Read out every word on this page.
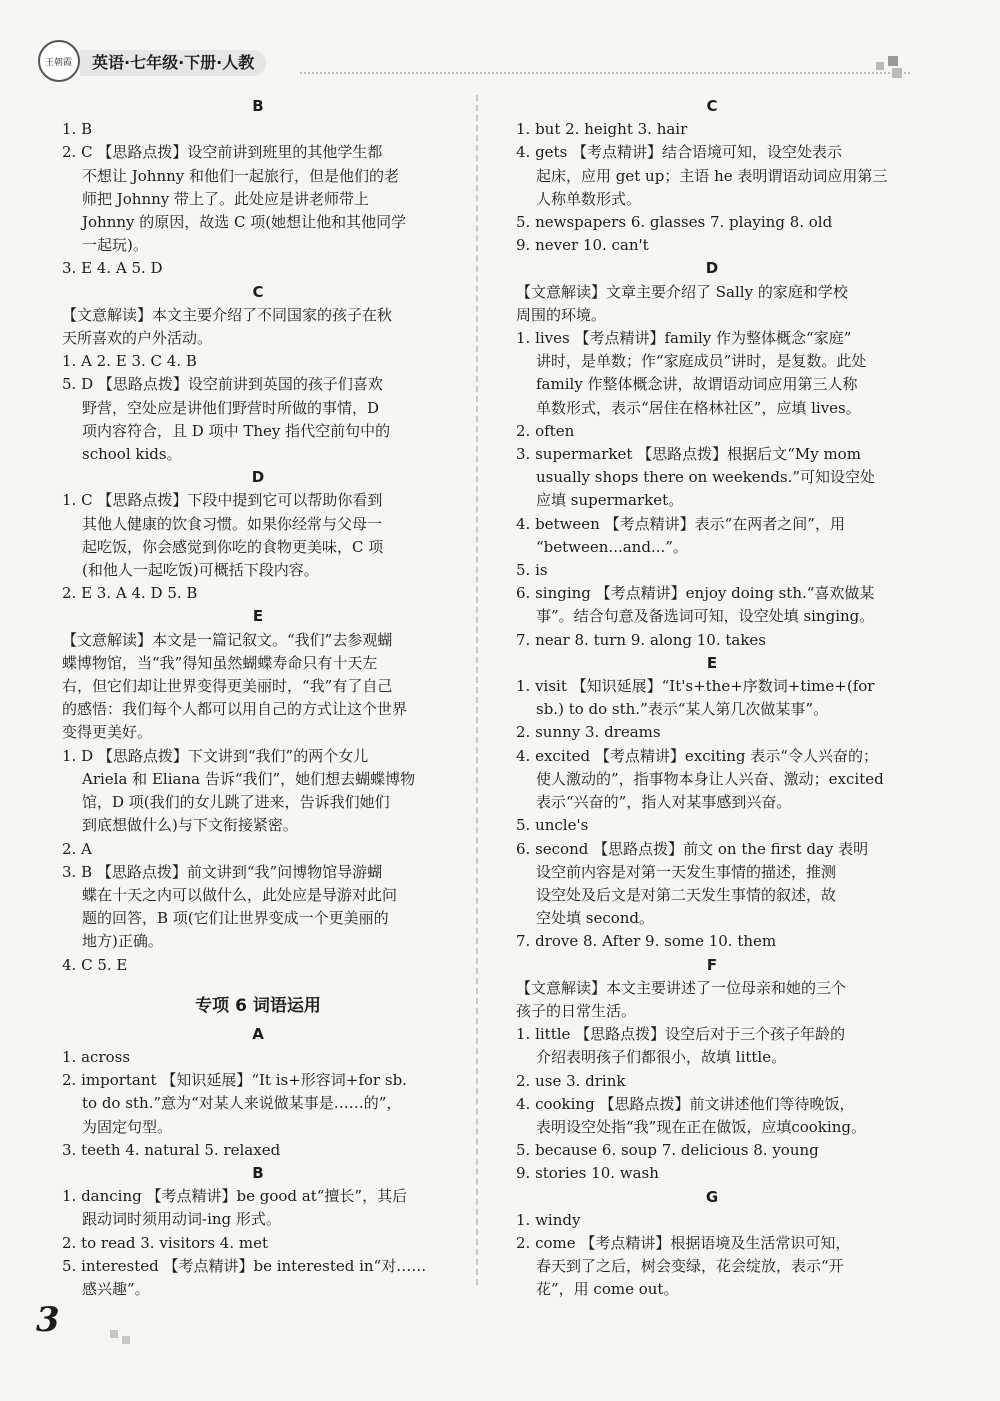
王朝霞	英语·七年级·下册·人教
B
1. B
2. C 【思路点拨】设空前讲到班里的其他学生都
不想让 Johnny 和他们一起旅行，但是他们的老
师把 Johnny 带上了。此处应是讲老师带上
Johnny 的原因，故选 C 项(她想让他和其他同学
一起玩)。
3. E 4. A 5. D
C
【文意解读】本文主要介绍了不同国家的孩子在秋
天所喜欢的户外活动。
1. A 2. E 3. C 4. B
5. D 【思路点拨】设空前讲到英国的孩子们喜欢
野营，空处应是讲他们野营时所做的事情，D
项内容符合，且 D 项中 They 指代空前句中的
school kids。
D
1. C 【思路点拨】下段中提到它可以帮助你看到
其他人健康的饮食习惯。如果你经常与父母一
起吃饭，你会感觉到你吃的食物更美味，C 项
(和他人一起吃饭)可概括下段内容。
2. E 3. A 4. D 5. B
E
【文意解读】本文是一篇记叙文。“我们”去参观蝴
蝶博物馆，当“我”得知虽然蝴蝶寿命只有十天左
右，但它们却让世界变得更美丽时，“我”有了自己
的感悟：我们每个人都可以用自己的方式让这个世界
变得更美好。
1. D 【思路点拨】下文讲到“我们”的两个女儿
Ariela 和 Eliana 告诉“我们”，她们想去蝴蝶博物
馆，D 项(我们的女儿跳了进来，告诉我们她们
到底想做什么)与下文衔接紧密。
2. A
3. B 【思路点拨】前文讲到“我”问博物馆导游蝴
蝶在十天之内可以做什么，此处应是导游对此问
题的回答，B 项(它们让世界变成一个更美丽的
地方)正确。
4. C 5. E
专项 6 词语运用
A
1. across
2. important 【知识延展】“It is+形容词+for sb.
to do sth.”意为“对某人来说做某事是……的”，
为固定句型。
3. teeth 4. natural 5. relaxed
B
1. dancing 【考点精讲】be good at“擅长”，其后
跟动词时须用动词-ing 形式。
2. to read 3. visitors 4. met
5. interested 【考点精讲】be interested in“对……
感兴趣”。
C
1. but 2. height 3. hair
4. gets 【考点精讲】结合语境可知，设空处表示
起床，应用 get up；主语 he 表明谓语动词应用第三
人称单数形式。
5. newspapers 6. glasses 7. playing 8. old
9. never 10. can't
D
【文意解读】文章主要介绍了 Sally 的家庭和学校
周围的环境。
1. lives 【考点精讲】family 作为整体概念“家庭”
讲时，是单数；作“家庭成员”讲时，是复数。此处
family 作整体概念讲，故谓语动词应用第三人称
单数形式，表示“居住在格林社区”，应填 lives。
2. often
3. supermarket 【思路点拨】根据后文“My mom
usually shops there on weekends.”可知设空处
应填 supermarket。
4. between 【考点精讲】表示“在两者之间”，用
“between...and...”。
5. is
6. singing 【考点精讲】enjoy doing sth.“喜欢做某
事”。结合句意及备选词可知，设空处填 singing。
7. near 8. turn 9. along 10. takes
E
1. visit 【知识延展】“It's+the+序数词+time+(for
sb.) to do sth.”表示“某人第几次做某事”。
2. sunny 3. dreams
4. excited 【考点精讲】exciting 表示“令人兴奋的；
使人激动的”，指事物本身让人兴奋、激动；excited
表示“兴奋的”，指人对某事感到兴奋。
5. uncle's
6. second 【思路点拨】前文 on the first day 表明
设空前内容是对第一天发生事情的描述，推测
设空处及后文是对第二天发生事情的叙述，故
空处填 second。
7. drove 8. After 9. some 10. them
F
【文意解读】本文主要讲述了一位母亲和她的三个
孩子的日常生活。
1. little 【思路点拨】设空后对于三个孩子年龄的
介绍表明孩子们都很小，故填 little。
2. use 3. drink
4. cooking 【思路点拨】前文讲述他们等待晚饭，
表明设空处指“我”现在正在做饭，应填cooking。
5. because 6. soup 7. delicious 8. young
9. stories 10. wash
G
1. windy
2. come 【考点精讲】根据语境及生活常识可知，
春天到了之后，树会变绿，花会绽放，表示“开
花”，用 come out。
3
